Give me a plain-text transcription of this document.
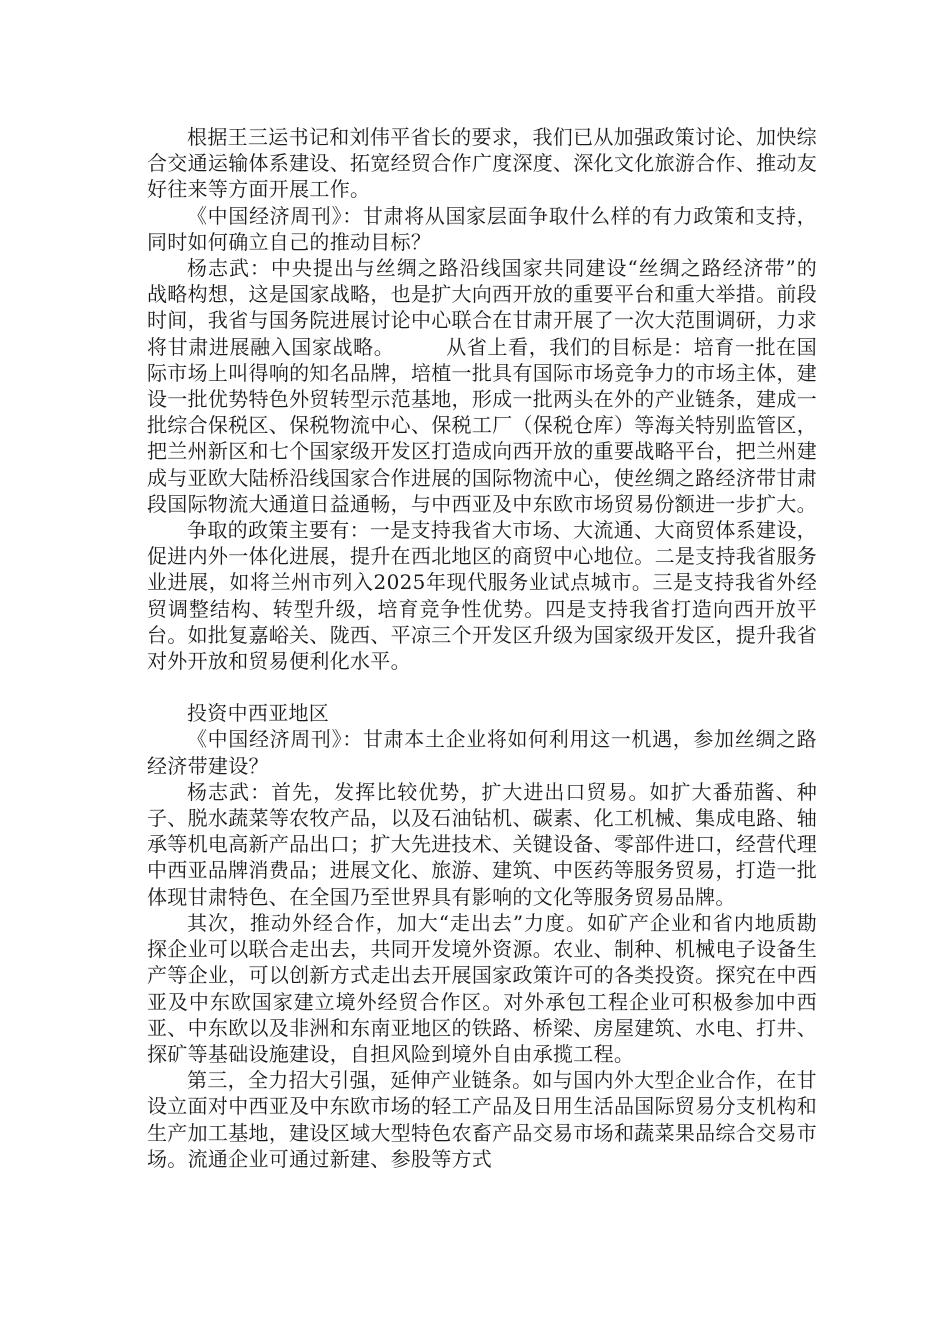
根据王三运书记和刘伟平省长的要求，我们已从加强政策讨论、加快综合交通运输体系建设、拓宽经贸合作广度深度、深化文化旅游合作、推动友好往来等方面开展工作。

《中国经济周刊》：甘肃将从国家层面争取什么样的有力政策和支持，同时如何确立自己的推动目标？

杨志武：中央提出与丝绸之路沿线国家共同建设“丝绸之路经济带”的战略构想，这是国家战略，也是扩大向西开放的重要平台和重大举措。前段时间，我省与国务院进展讨论中心联合在甘肃开展了一次大范围调研，力求将甘肃进展融入国家战略。　　　从省上看，我们的目标是：培育一批在国际市场上叫得响的知名品牌，培植一批具有国际市场竞争力的市场主体，建设一批优势特色外贸转型示范基地，形成一批两头在外的产业链条，建成一批综合保税区、保税物流中心、保税工厂（保税仓库）等海关特别监管区，把兰州新区和七个国家级开发区打造成向西开放的重要战略平台，把兰州建成与亚欧大陆桥沿线国家合作进展的国际物流中心，使丝绸之路经济带甘肃段国际物流大通道日益通畅，与中西亚及中东欧市场贸易份额进一步扩大。

争取的政策主要有：一是支持我省大市场、大流通、大商贸体系建设，促进内外一体化进展，提升在西北地区的商贸中心地位。二是支持我省服务业进展，如将兰州市列入2025年现代服务业试点城市。三是支持我省外经贸调整结构、转型升级，培育竞争性优势。四是支持我省打造向西开放平台。如批复嘉峪关、陇西、平凉三个开发区升级为国家级开发区，提升我省对外开放和贸易便利化水平。

投资中西亚地区

《中国经济周刊》：甘肃本土企业将如何利用这一机遇，参加丝绸之路经济带建设？

杨志武：首先，发挥比较优势，扩大进出口贸易。如扩大番茄酱、种子、脱水蔬菜等农牧产品，以及石油钻机、碳素、化工机械、集成电路、轴承等机电高新产品出口；扩大先进技术、关键设备、零部件进口，经营代理中西亚品牌消费品；进展文化、旅游、建筑、中医药等服务贸易，打造一批体现甘肃特色、在全国乃至世界具有影响的文化等服务贸易品牌。

其次，推动外经合作，加大“走出去”力度。如矿产企业和省内地质勘探企业可以联合走出去，共同开发境外资源。农业、制种、机械电子设备生产等企业，可以创新方式走出去开展国家政策许可的各类投资。探究在中西亚及中东欧国家建立境外经贸合作区。对外承包工程企业可积极参加中西亚、中东欧以及非洲和东南亚地区的铁路、桥梁、房屋建筑、水电、打井、探矿等基础设施建设，自担风险到境外自由承揽工程。

第三，全力招大引强，延伸产业链条。如与国内外大型企业合作，在甘设立面对中西亚及中东欧市场的轻工产品及日用生活品国际贸易分支机构和生产加工基地，建设区域大型特色农畜产品交易市场和蔬菜果品综合交易市场。流通企业可通过新建、参股等方式
